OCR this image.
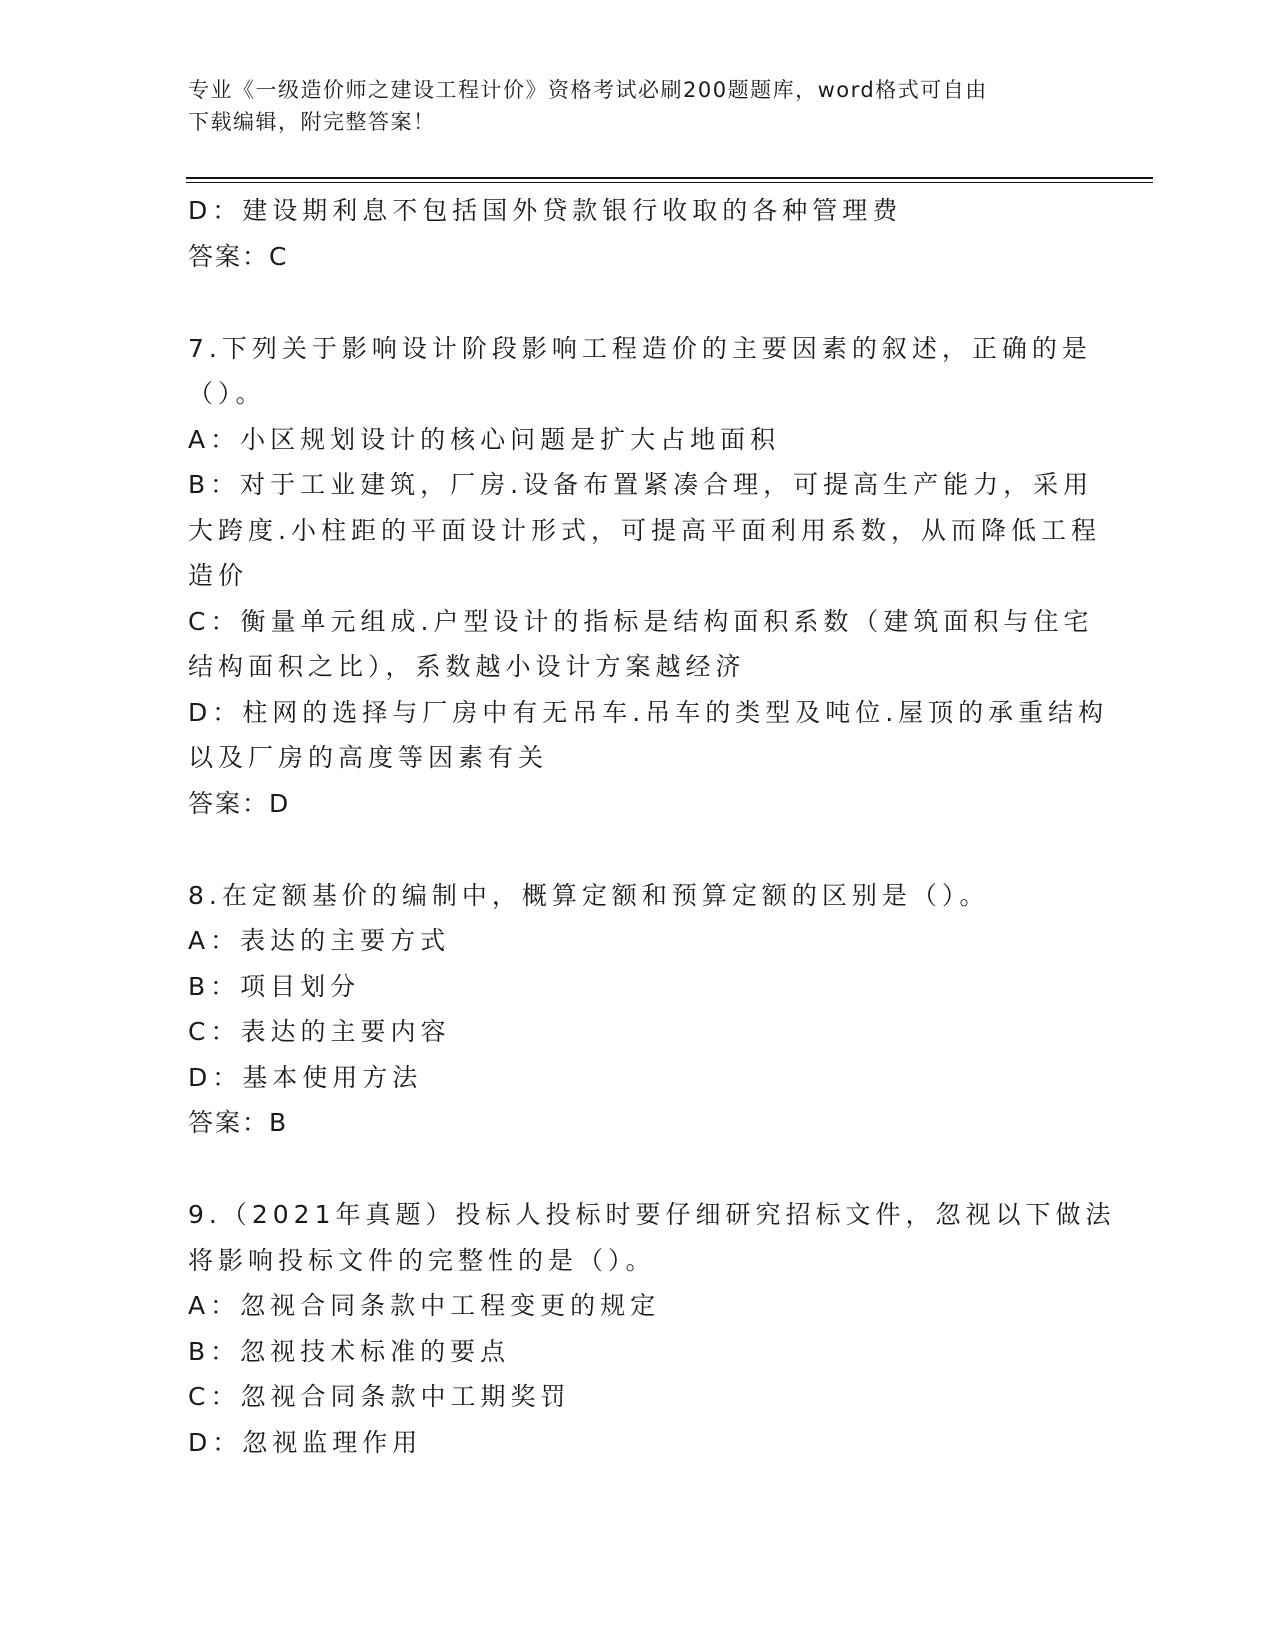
专业《一级造价师之建设工程计价》资格考试必刷200题题库，word格式可自由
下载编辑，附完整答案！
D：建设期利息不包括国外贷款银行收取的各种管理费
答案：C
7.下列关于影响设计阶段影响工程造价的主要因素的叙述，正确的是
（）。
A：小区规划设计的核心问题是扩大占地面积
B：对于工业建筑，厂房.设备布置紧凑合理，可提高生产能力，采用
大跨度.小柱距的平面设计形式，可提高平面利用系数，从而降低工程
造价
C：衡量单元组成.户型设计的指标是结构面积系数（建筑面积与住宅
结构面积之比），系数越小设计方案越经济
D：柱网的选择与厂房中有无吊车.吊车的类型及吨位.屋顶的承重结构
以及厂房的高度等因素有关
答案：D
8.在定额基价的编制中，概算定额和预算定额的区别是（）。
A：表达的主要方式
B：项目划分
C：表达的主要内容
D：基本使用方法
答案：B
9.（2021年真题）投标人投标时要仔细研究招标文件，忽视以下做法
将影响投标文件的完整性的是（）。
A：忽视合同条款中工程变更的规定
B：忽视技术标准的要点
C：忽视合同条款中工期奖罚
D：忽视监理作用
